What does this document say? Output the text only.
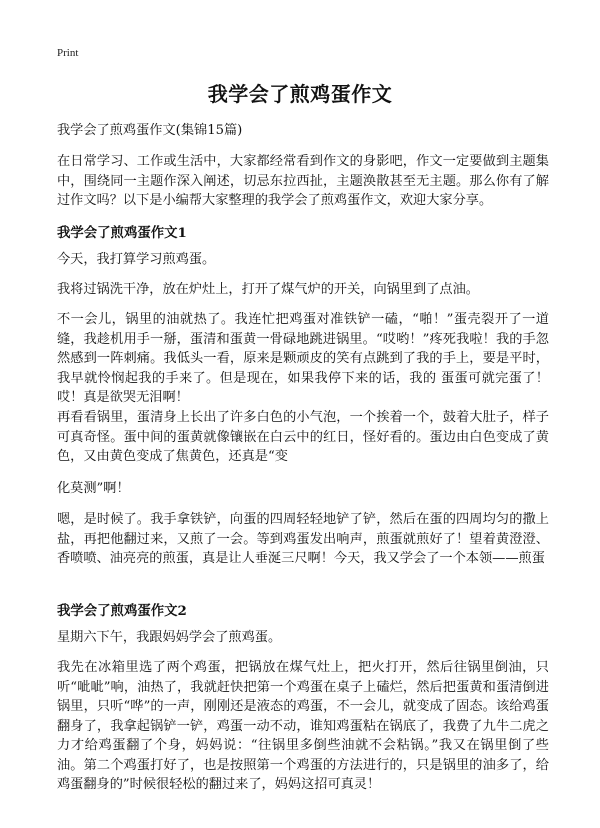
Print
我学会了煎鸡蛋作文

我学会了煎鸡蛋作文(集锦15篇)

在日常学习、工作或生活中，大家都经常看到作文的身影吧，作文一定要做到主题集中，围绕同一主题作深入阐述，切忌东拉西扯，主题涣散甚至无主题。那么你有了解过作文吗？以下是小编帮大家整理的我学会了煎鸡蛋作文，欢迎大家分享。

我学会了煎鸡蛋作文1

今天，我打算学习煎鸡蛋。

我将过锅洗干净，放在炉灶上，打开了煤气炉的开关，向锅里到了点油。

不一会儿，锅里的油就热了。我连忙把鸡蛋对准铁铲一磕，“啪！”蛋壳裂开了一道缝，我趁机用手一掰，蛋清和蛋黄一骨碌地跳进锅里。“哎哟！”疼死我啦！我的手忽然感到一阵刺痛。我低头一看，原来是颗顽皮的笑有点跳到了我的手上，要是平时，我早就怜悯起我的手来了。但是现在，如果我停下来的话，我的 蛋蛋可就完蛋了！哎！真是欲哭无泪啊！

再看看锅里，蛋清身上长出了许多白色的小气泡，一个挨着一个，鼓着大肚子，样子可真奇怪。蛋中间的蛋黄就像镶嵌在白云中的红日，怪好看的。蛋边由白色变成了黄色，又由黄色变成了焦黄色，还真是“变

化莫测”啊！

嗯，是时候了。我手拿铁铲，向蛋的四周轻轻地铲了铲，然后在蛋的四周均匀的撒上盐，再把他翻过来，又煎了一会。等到鸡蛋发出响声，煎蛋就煎好了！望着黄澄澄、香喷喷、油亮亮的煎蛋，真是让人垂涎三尺啊！今天，我又学会了一个本领——煎蛋

我学会了煎鸡蛋作文2

星期六下午，我跟妈妈学会了煎鸡蛋。

我先在冰箱里选了两个鸡蛋，把锅放在煤气灶上，把火打开，然后往锅里倒油，只听“呲呲”响，油热了，我就赶快把第一个鸡蛋在桌子上磕烂，然后把蛋黄和蛋清倒进锅里，只听“哗”的一声，刚刚还是液态的鸡蛋，不一会儿，就变成了固态。该给鸡蛋翻身了，我拿起锅铲一铲，鸡蛋一动不动，谁知鸡蛋粘在锅底了，我费了九牛二虎之力才给鸡蛋翻了个身，妈妈说：“往锅里多倒些油就不会粘锅。”我又在锅里倒了些油。第二个鸡蛋打好了，也是按照第一个鸡蛋的方法进行的，只是锅里的油多了，给鸡蛋翻身的”时候很轻松的翻过来了，妈妈这招可真灵！
